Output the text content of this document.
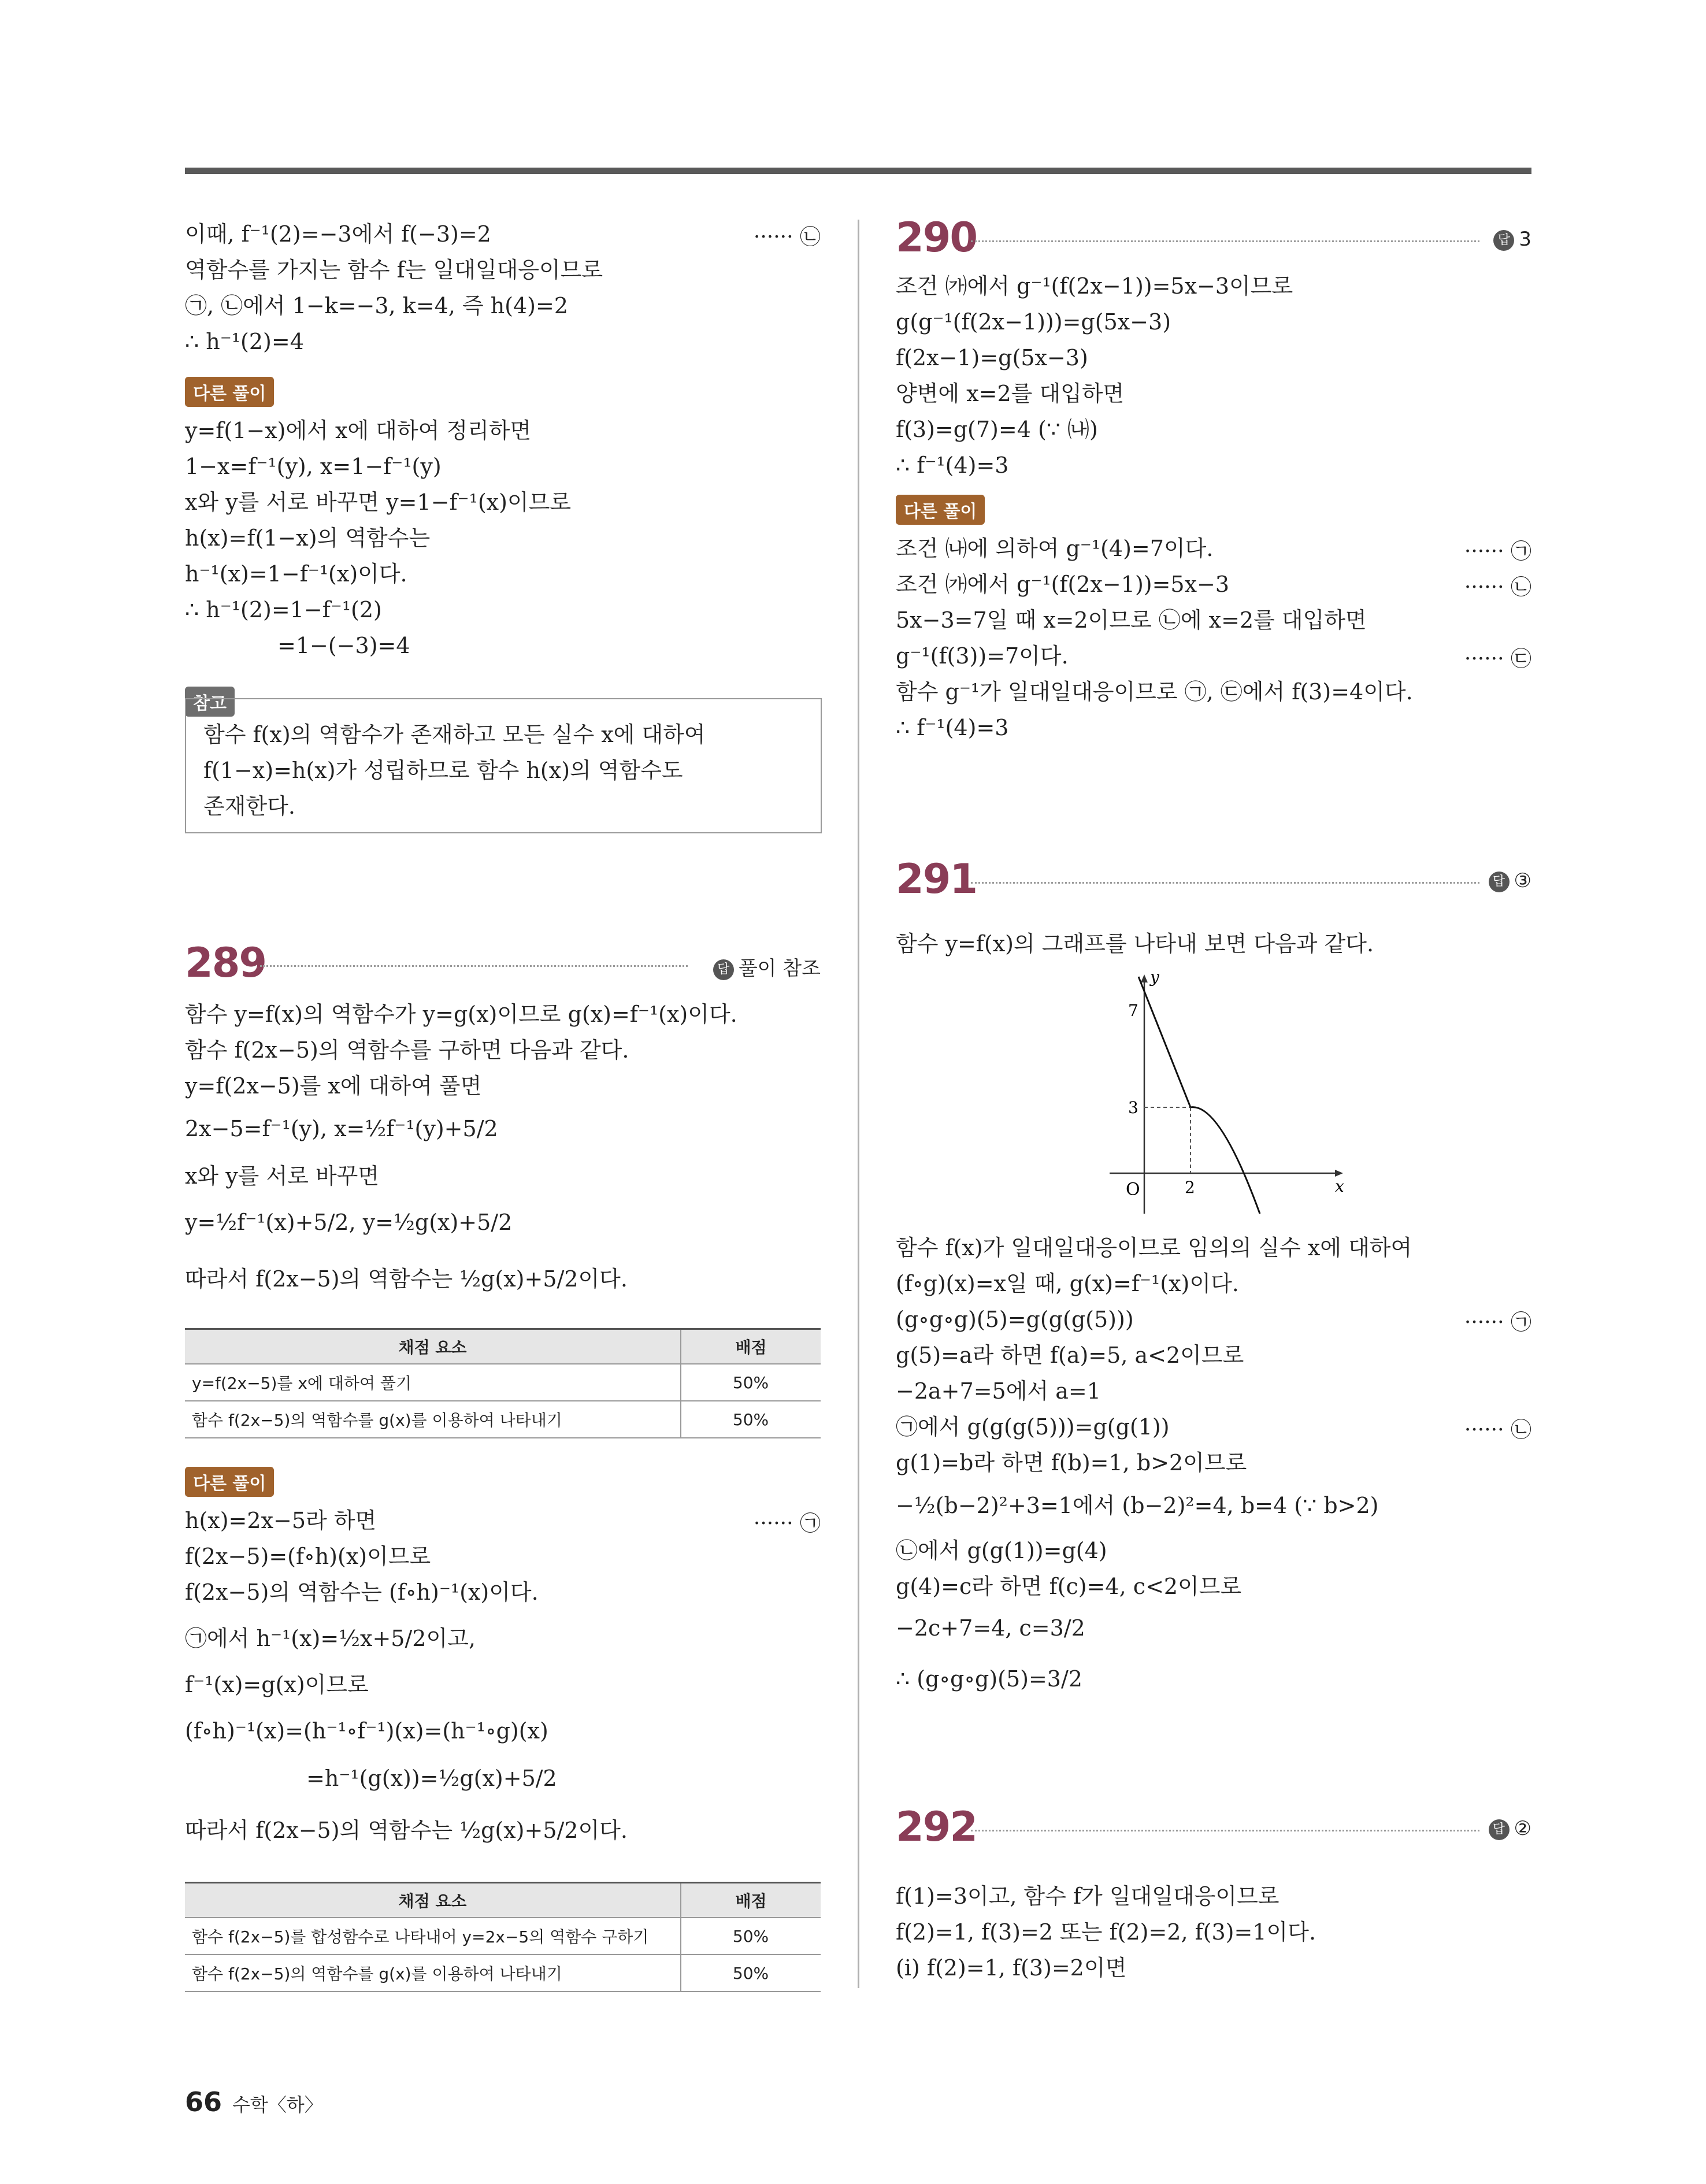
이때, f⁻¹(2)=−3에서 f(−3)=2	······ ㉡
역함수를 가지는 함수 f는 일대일대응이므로
㉠, ㉡에서 1−k=−3, k=4, 즉 h(4)=2
∴ h⁻¹(2)=4
다른 풀이
y=f(1−x)에서 x에 대하여 정리하면
1−x=f⁻¹(y), x=1−f⁻¹(y)
x와 y를 서로 바꾸면 y=1−f⁻¹(x)이므로
h(x)=f(1−x)의 역함수는
h⁻¹(x)=1−f⁻¹(x)이다.
∴ h⁻¹(2)=1−f⁻¹(2)
=1−(−3)=4
참고
함수 f(x)의 역함수가 존재하고 모든 실수 x에 대하여
f(1−x)=h(x)가 성립하므로 함수 h(x)의 역함수도
존재한다.
289	답 풀이 참조
함수 y=f(x)의 역함수가 y=g(x)이므로 g(x)=f⁻¹(x)이다.
함수 f(2x−5)의 역함수를 구하면 다음과 같다.
y=f(2x−5)를 x에 대하여 풀면
2x−5=f⁻¹(y), x=½f⁻¹(y)+5/2
x와 y를 서로 바꾸면
y=½f⁻¹(x)+5/2, y=½g(x)+5/2
따라서 f(2x−5)의 역함수는 ½g(x)+5/2이다.
채점 요소	배점
y=f(2x−5)를 x에 대하여 풀기	50%
함수 f(2x−5)의 역함수를 g(x)를 이용하여 나타내기	50%
다른 풀이
h(x)=2x−5라 하면	······ ㉠
f(2x−5)=(f∘h)(x)이므로
f(2x−5)의 역함수는 (f∘h)⁻¹(x)이다.
㉠에서 h⁻¹(x)=½x+5/2이고,
f⁻¹(x)=g(x)이므로
(f∘h)⁻¹(x)=(h⁻¹∘f⁻¹)(x)=(h⁻¹∘g)(x)
=h⁻¹(g(x))=½g(x)+5/2
따라서 f(2x−5)의 역함수는 ½g(x)+5/2이다.
채점 요소	배점
함수 f(2x−5)를 합성함수로 나타내어 y=2x−5의 역함수 구하기	50%
함수 f(2x−5)의 역함수를 g(x)를 이용하여 나타내기	50%
290	답 3
조건 ㈎에서 g⁻¹(f(2x−1))=5x−3이므로
g(g⁻¹(f(2x−1)))=g(5x−3)
f(2x−1)=g(5x−3)
양변에 x=2를 대입하면
f(3)=g(7)=4 (∵ ㈏)
∴ f⁻¹(4)=3
다른 풀이
조건 ㈏에 의하여 g⁻¹(4)=7이다.	······ ㉠
조건 ㈎에서 g⁻¹(f(2x−1))=5x−3	······ ㉡
5x−3=7일 때 x=2이므로 ㉡에 x=2를 대입하면
g⁻¹(f(3))=7이다.	······ ㉢
함수 g⁻¹가 일대일대응이므로 ㉠, ㉢에서 f(3)=4이다.
∴ f⁻¹(4)=3
291	답 ③
함수 y=f(x)의 그래프를 나타내 보면 다음과 같다.
y
x
O
7
3
2
함수 f(x)가 일대일대응이므로 임의의 실수 x에 대하여
(f∘g)(x)=x일 때, g(x)=f⁻¹(x)이다.
(g∘g∘g)(5)=g(g(g(5)))	······ ㉠
g(5)=a라 하면 f(a)=5, a<2이므로
−2a+7=5에서 a=1
㉠에서 g(g(g(5)))=g(g(1))	······ ㉡
g(1)=b라 하면 f(b)=1, b>2이므로
−½(b−2)²+3=1에서 (b−2)²=4, b=4 (∵ b>2)
㉡에서 g(g(1))=g(4)
g(4)=c라 하면 f(c)=4, c<2이므로
−2c+7=4, c=3/2
∴ (g∘g∘g)(5)=3/2
292	답 ②
f(1)=3이고, 함수 f가 일대일대응이므로
f(2)=1, f(3)=2 또는 f(2)=2, f(3)=1이다.
(i) f(2)=1, f(3)=2이면
66 수학〈하〉
